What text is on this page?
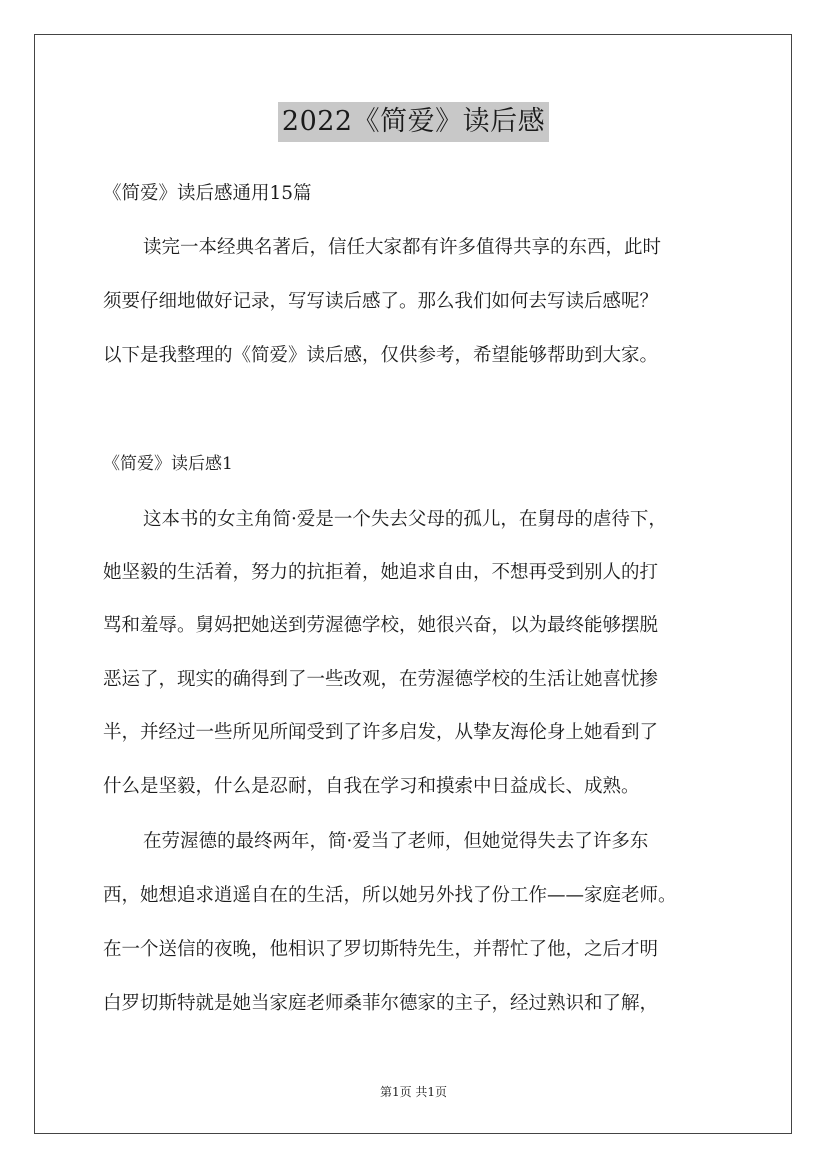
2022《简爱》读后感
《简爱》读后感通用15篇
读完一本经典名著后，信任大家都有许多值得共享的东西，此时
须要仔细地做好记录，写写读后感了。那么我们如何去写读后感呢？
以下是我整理的《简爱》读后感，仅供参考，希望能够帮助到大家。
《简爱》读后感1
这本书的女主角简·爱是一个失去父母的孤儿，在舅母的虐待下，
她坚毅的生活着，努力的抗拒着，她追求自由，不想再受到别人的打
骂和羞辱。舅妈把她送到劳渥德学校，她很兴奋，以为最终能够摆脱
恶运了，现实的确得到了一些改观，在劳渥德学校的生活让她喜忧掺
半，并经过一些所见所闻受到了许多启发，从挚友海伦身上她看到了
什么是坚毅，什么是忍耐，自我在学习和摸索中日益成长、成熟。
在劳渥德的最终两年，简·爱当了老师，但她觉得失去了许多东
西，她想追求逍遥自在的生活，所以她另外找了份工作——家庭老师。
在一个送信的夜晚，他相识了罗切斯特先生，并帮忙了他，之后才明
白罗切斯特就是她当家庭老师桑菲尔德家的主子，经过熟识和了解，
第1页 共1页
